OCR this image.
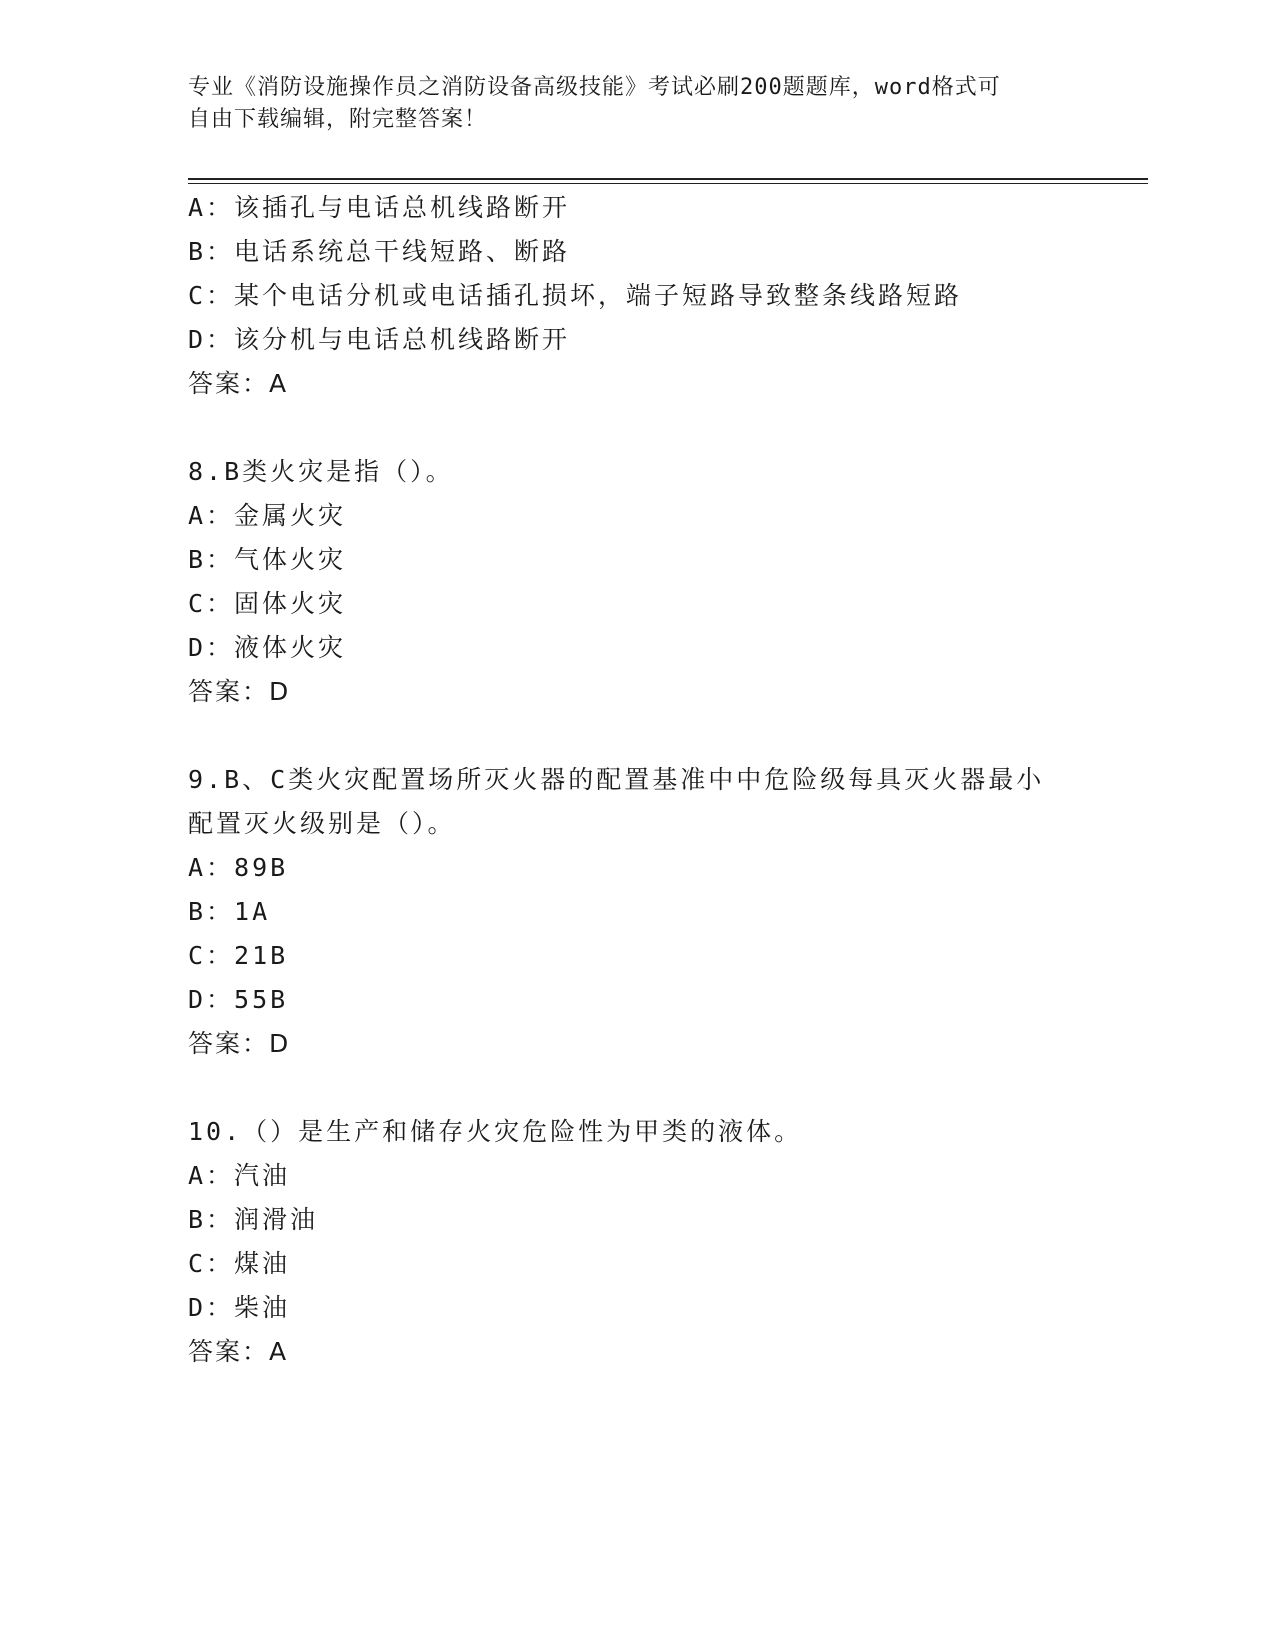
专业《消防设施操作员之消防设备高级技能》考试必刷200题题库，word格式可
自由下载编辑，附完整答案！
A：该插孔与电话总机线路断开
B：电话系统总干线短路、断路
C：某个电话分机或电话插孔损坏，端子短路导致整条线路短路
D：该分机与电话总机线路断开
答案：A
8.B类火灾是指（）。
A：金属火灾
B：气体火灾
C：固体火灾
D：液体火灾
答案：D
9.B、C类火灾配置场所灭火器的配置基准中中危险级每具灭火器最小
配置灭火级别是（）。
A：89B
B：1A
C：21B
D：55B
答案：D
10.（）是生产和储存火灾危险性为甲类的液体。
A：汽油
B：润滑油
C：煤油
D：柴油
答案：A
